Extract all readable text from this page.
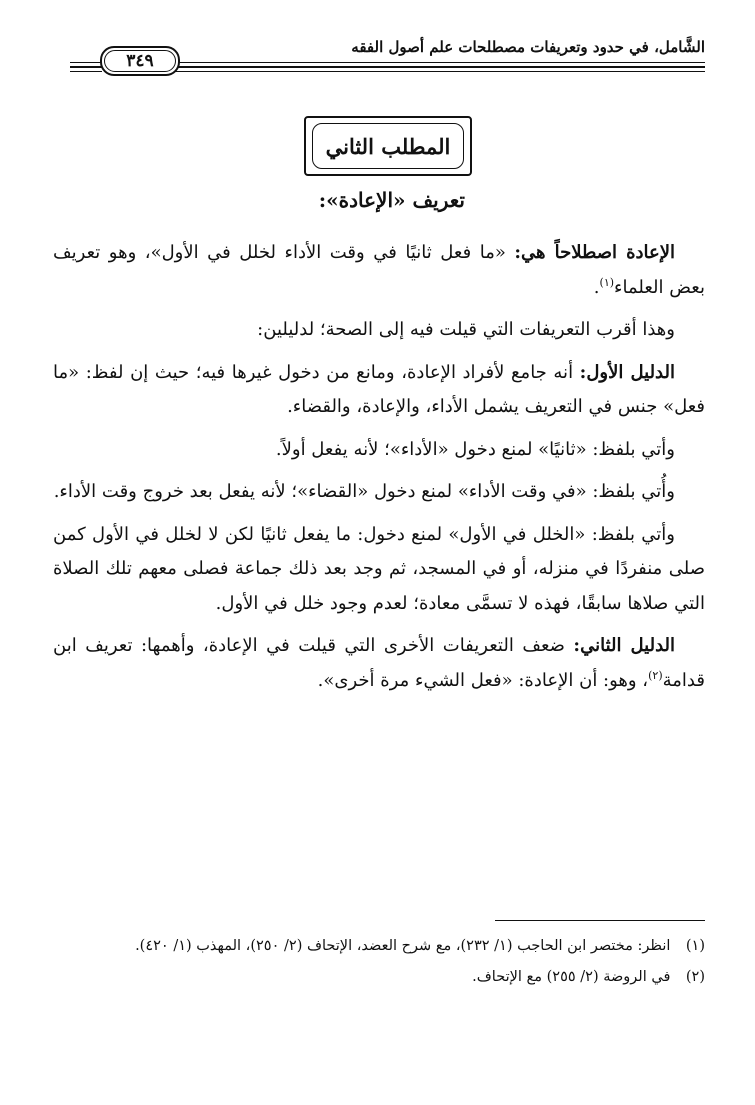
الشَّامل، في حدود وتعريفات مصطلحات علم أصول الفقه
٣٤٩
المطلب الثاني
تعريف «الإعادة»:

الإعادة اصطلاحاً هي: «ما فعل ثانيًا في وقت الأداء لخلل في الأول»، وهو تعريف بعض العلماء$^{(١)}$.

وهذا أقرب التعريفات التي قيلت فيه إلى الصحة؛ لدليلين:

الدليل الأول: أنه جامع لأفراد الإعادة، ومانع من دخول غيرها فيه؛ حيث إن لفظ: «ما فعل» جنس في التعريف يشمل الأداء، والإعادة، والقضاء.

وأتي بلفظ: «ثانيًا» لمنع دخول «الأداء»؛ لأنه يفعل أولاً.

وأُتي بلفظ: «في وقت الأداء» لمنع دخول «القضاء»؛ لأنه يفعل بعد خروج وقت الأداء.

وأتي بلفظ: «الخلل في الأول» لمنع دخول: ما يفعل ثانيًا لكن لا لخلل في الأول كمن صلى منفردًا في منزله، أو في المسجد، ثم وجد بعد ذلك جماعة فصلى معهم تلك الصلاة التي صلاها سابقًا، فهذه لا تسمَّى معادة؛ لعدم وجود خلل في الأول.

الدليل الثاني: ضعف التعريفات الأخرى التي قيلت في الإعادة، وأهمها: تعريف ابن قدامة$^{(٢)}$، وهو: أن الإعادة: «فعل الشيء مرة أخرى».

(١) انظر: مختصر ابن الحاجب (١/ ٢٣٢)، مع شرح العضد، الإتحاف (٢/ ٢٥٠)، المهذب (١/ ٤٢٠).
(٢) في الروضة (٢/ ٢٥٥) مع الإتحاف.
